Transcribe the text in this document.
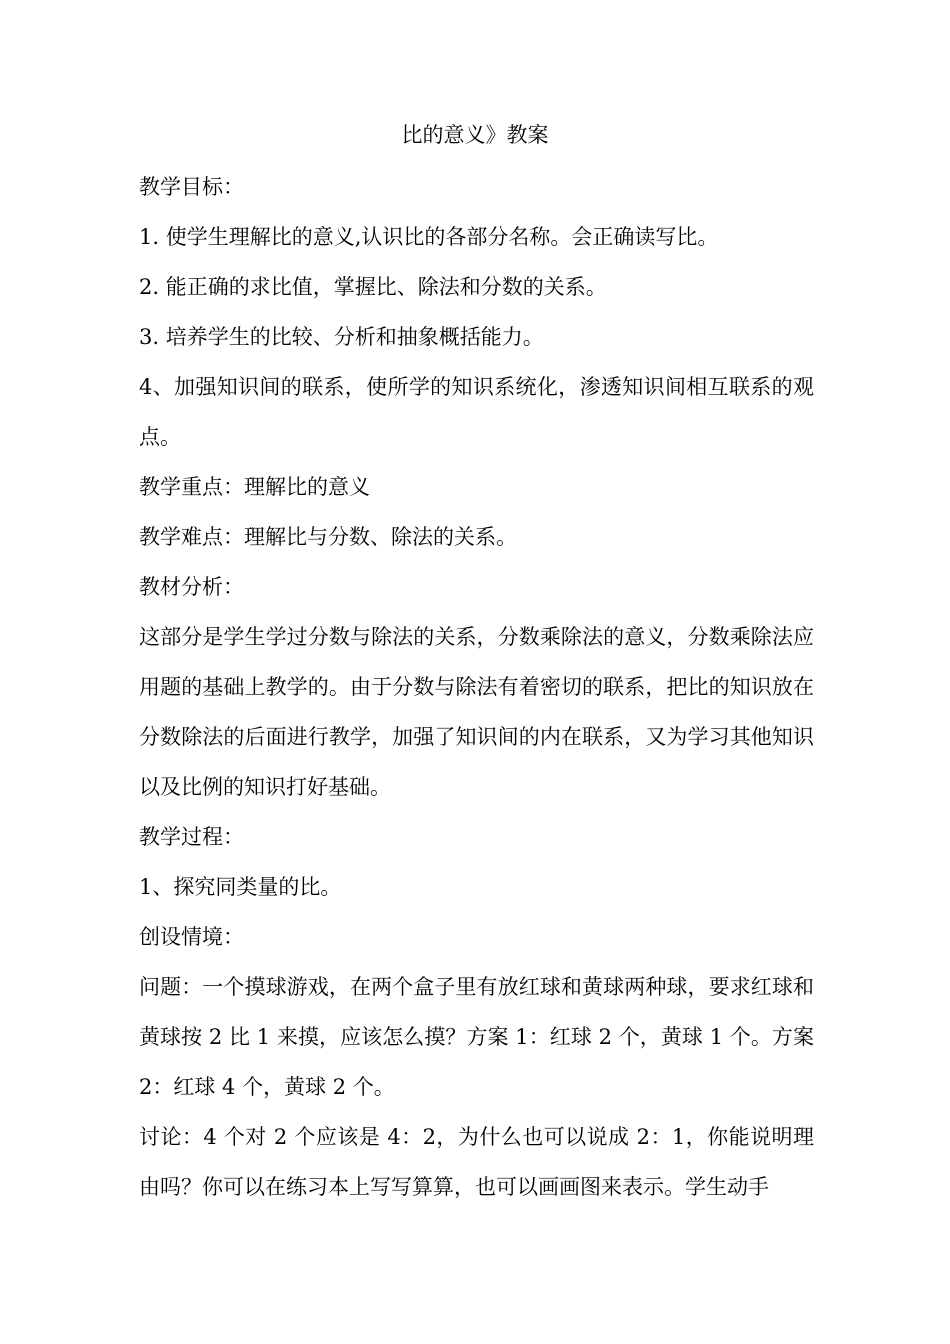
比的意义》教案

教学目标：

1. 使学生理解比的意义,认识比的各部分名称。会正确读写比。

2. 能正确的求比值，掌握比、除法和分数的关系。

3. 培养学生的比较、分析和抽象概括能力。

4、加强知识间的联系，使所学的知识系统化，渗透知识间相互联系的观点。

教学重点：理解比的意义

教学难点：理解比与分数、除法的关系。

教材分析：

这部分是学生学过分数与除法的关系，分数乘除法的意义，分数乘除法应用题的基础上教学的。由于分数与除法有着密切的联系，把比的知识放在分数除法的后面进行教学，加强了知识间的内在联系，又为学习其他知识以及比例的知识打好基础。

教学过程：

1、探究同类量的比。

创设情境：

问题：一个摸球游戏，在两个盒子里有放红球和黄球两种球，要求红球和黄球按 2 比 1 来摸，应该怎么摸？方案 1：红球 2 个，黄球 1 个。方案 2：红球 4 个，黄球 2 个。

讨论：4 个对 2 个应该是 4：2，为什么也可以说成 2：1，你能说明理由吗？你可以在练习本上写写算算，也可以画画图来表示。学生动手
